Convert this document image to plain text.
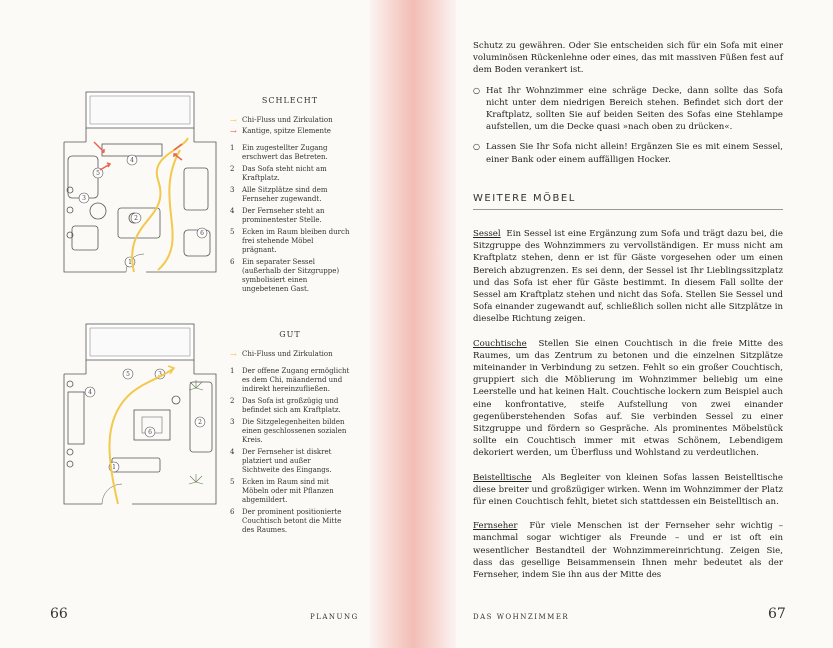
4
5
3
2
6
1
SCHLECHT
→ Chi-Fluss und Zirkulation
→ Kantige, spitze Elemente
1	Ein zugestellter Zugang erschwert das Betreten.
2	Das Sofa steht nicht am Kraftplatz.
3	Alle Sitzplätze sind dem Fernseher zugewandt.
4	Der Fernseher steht an prominentester Stelle.
5	Ecken im Raum bleiben durch frei stehende Möbel prägnant.
6	Ein separater Sessel (außerhalb der Sitzgruppe) symbolisiert einen ungebetenen Gast.
5	3
4
6
2
1
GUT
→ Chi-Fluss und Zirkulation
1	Der offene Zugang ermöglicht es dem Chi, mäandernd und indirekt hereinzufließen.
2	Das Sofa ist großzügig und befindet sich am Kraftplatz.
3	Die Sitzgelegenheiten bilden einen geschlossenen sozialen Kreis.
4	Der Fernseher ist diskret platziert und außer Sichtweite des Eingangs.
5	Ecken im Raum sind mit Möbeln oder mit Pflanzen abgemildert.
6	Der prominent positionierte Couchtisch betont die Mitte des Raumes.
66	PLANUNG

Schutz zu gewähren. Oder Sie entscheiden sich für ein Sofa mit einer voluminösen Rückenlehne oder eines, das mit massiven Füßen fest auf dem Boden verankert ist.

○ Hat Ihr Wohnzimmer eine schräge Decke, dann sollte das Sofa nicht unter dem niedrigen Bereich stehen. Befindet sich dort der Kraftplatz, sollten Sie auf beiden Seiten des Sofas eine Stehlampe aufstellen, um die Decke quasi »nach oben zu drücken«.
○ Lassen Sie Ihr Sofa nicht allein! Ergänzen Sie es mit einem Sessel, einer Bank oder einem auffälligen Hocker.
WEITERE MÖBEL

Sessel Ein Sessel ist eine Ergänzung zum Sofa und trägt dazu bei, die Sitzgruppe des Wohnzimmers zu vervollständigen. Er muss nicht am Kraftplatz stehen, denn er ist für Gäste vorgesehen oder um einen Bereich abzugrenzen. Es sei denn, der Sessel ist Ihr Lieblingssitzplatz und das Sofa ist eher für Gäste bestimmt. In diesem Fall sollte der Sessel am Kraftplatz stehen und nicht das Sofa. Stellen Sie Sessel und Sofa einander zugewandt auf, schließlich sollen nicht alle Sitzplätze in dieselbe Richtung zeigen.

Couchtische Stellen Sie einen Couchtisch in die freie Mitte des Raumes, um das Zentrum zu betonen und die einzelnen Sitzplätze miteinander in Verbindung zu setzen. Fehlt so ein großer Couchtisch, gruppiert sich die Möblierung im Wohnzimmer beliebig um eine Leerstelle und hat keinen Halt. Couchtische lockern zum Beispiel auch eine konfrontative, steife Aufstellung von zwei einander gegenüberstehenden Sofas auf. Sie verbinden Sessel zu einer Sitzgruppe und fördern so Gespräche. Als prominentes Möbelstück sollte ein Couchtisch immer mit etwas Schönem, Lebendigem dekoriert werden, um Überfluss und Wohlstand zu verdeutlichen.

Beistelltische Als Begleiter von kleinen Sofas lassen Beistelltische diese breiter und großzügiger wirken. Wenn im Wohnzimmer der Platz für einen Couchtisch fehlt, bietet sich stattdessen ein Beistelltisch an.

Fernseher Für viele Menschen ist der Fernseher sehr wichtig – manchmal sogar wichtiger als Freunde – und er ist oft ein wesentlicher Bestandteil der Wohnzimmereinrichtung. Zeigen Sie, dass das gesellige Beisammensein Ihnen mehr bedeutet als der Fernseher, indem Sie ihn aus der Mitte des

DAS WOHNZIMMER	67
